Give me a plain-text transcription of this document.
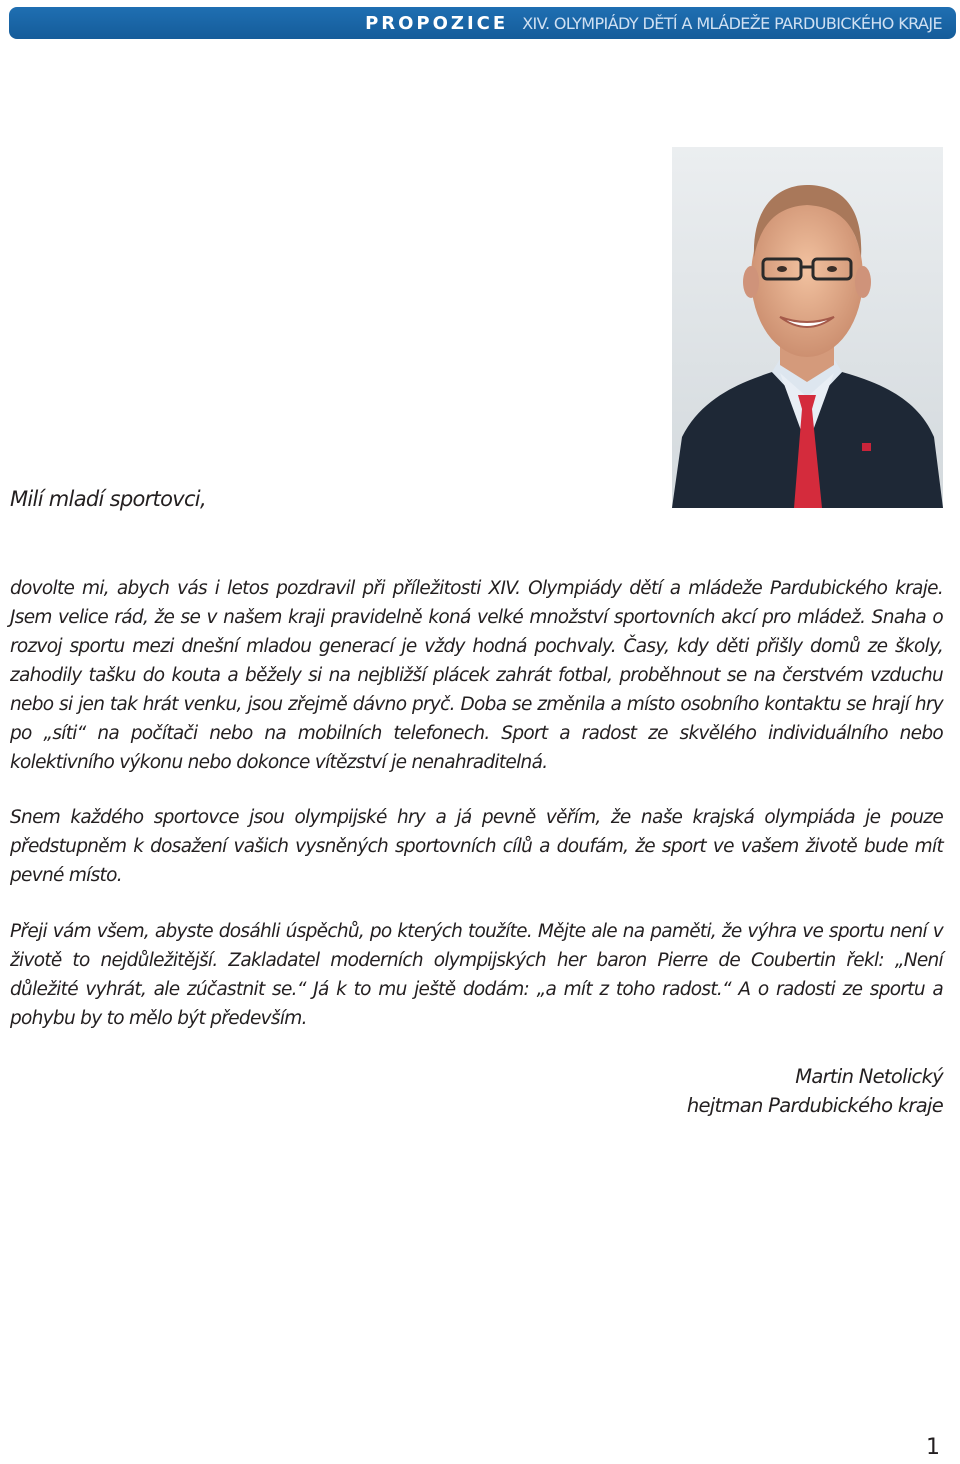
PROPOZICE XIV. OLYMPIÁDY DĚTÍ A MLÁDEŽE PARDUBICKÉHO KRAJE
Milí mladí sportovci,

dovolte mi, abych vás i letos pozdravil při příležitosti XIV. Olympiády dětí a mládeže Pardubického kraje. Jsem velice rád, že se v našem kraji pravidelně koná velké množství sportovních akcí pro mládež. Snaha o rozvoj sportu mezi dnešní mladou generací je vždy hodná pochvaly. Časy, kdy děti přišly domů ze školy, zahodily tašku do kouta a běžely si na nejbližší plácek zahrát fotbal, proběhnout se na čerstvém vzduchu nebo si jen tak hrát venku, jsou zřejmě dávno pryč. Doba se změnila a místo osobního kontaktu se hrají hry po „síti“ na počítači nebo na mobilních telefonech. Sport a radost ze skvělého individuálního nebo kolektivního výkonu nebo dokonce vítězství je nenahraditelná.

Snem každého sportovce jsou olympijské hry a já pevně věřím, že naše krajská olympiáda je pouze předstupněm k dosažení vašich vysněných sportovních cílů a doufám, že sport ve vašem životě bude mít pevné místo.

Přeji vám všem, abyste dosáhli úspěchů, po kterých toužíte. Mějte ale na paměti, že výhra ve sportu není v životě to nejdůležitější. Zakladatel moderních olympijských her baron Pierre de Coubertin řekl: „Není důležité vyhrát, ale zúčastnit se.“ Já k to mu ještě dodám: „a mít z toho radost.“ A o radosti ze sportu a pohybu by to mělo být především.

Martin Netolický
hejtman Pardubického kraje
1
